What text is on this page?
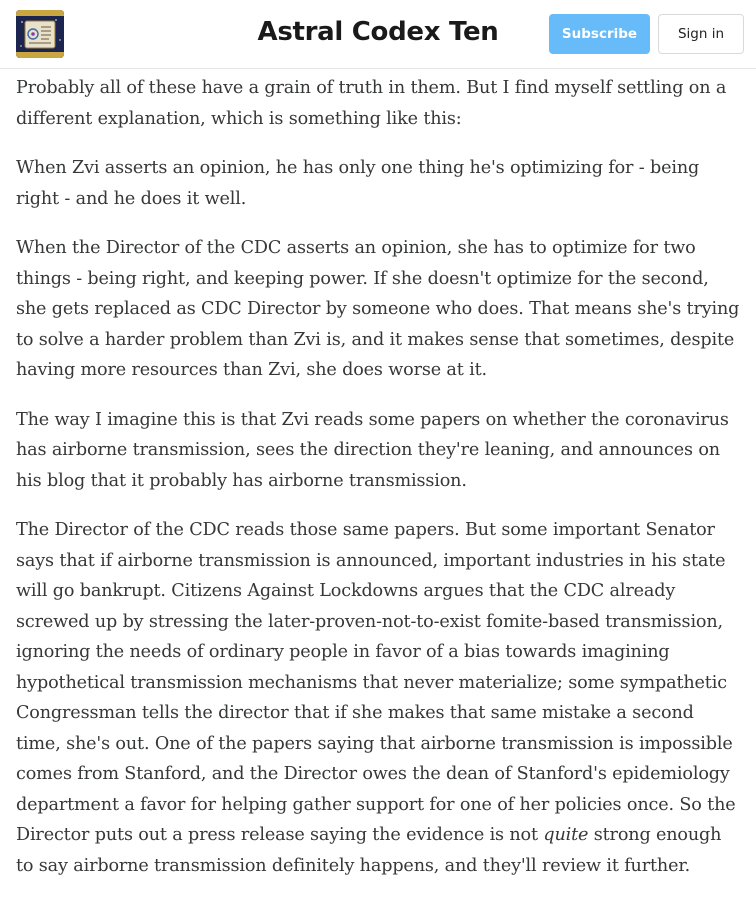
Astral Codex Ten	Subscribe	Sign in

Probably all of these have a grain of truth in them. But I find myself settling on a different explanation, which is something like this:

When Zvi asserts an opinion, he has only one thing he's optimizing for - being right - and he does it well.

When the Director of the CDC asserts an opinion, she has to optimize for two things - being right, and keeping power. If she doesn't optimize for the second, she gets replaced as CDC Director by someone who does. That means she's trying to solve a harder problem than Zvi is, and it makes sense that sometimes, despite having more resources than Zvi, she does worse at it.

The way I imagine this is that Zvi reads some papers on whether the coronavirus has airborne transmission, sees the direction they're leaning, and announces on his blog that it probably has airborne transmission.

The Director of the CDC reads those same papers. But some important Senator says that if airborne transmission is announced, important industries in his state will go bankrupt. Citizens Against Lockdowns argues that the CDC already screwed up by stressing the later-proven-not-to-exist fomite-based transmission, ignoring the needs of ordinary people in favor of a bias towards imagining hypothetical transmission mechanisms that never materialize; some sympathetic Congressman tells the director that if she makes that same mistake a second time, she's out. One of the papers saying that airborne transmission is impossible comes from Stanford, and the Director owes the dean of Stanford's epidemiology department a favor for helping gather support for one of her policies once. So the Director puts out a press release saying the evidence is not quite strong enough to say airborne transmission definitely happens, and they'll review it further.
